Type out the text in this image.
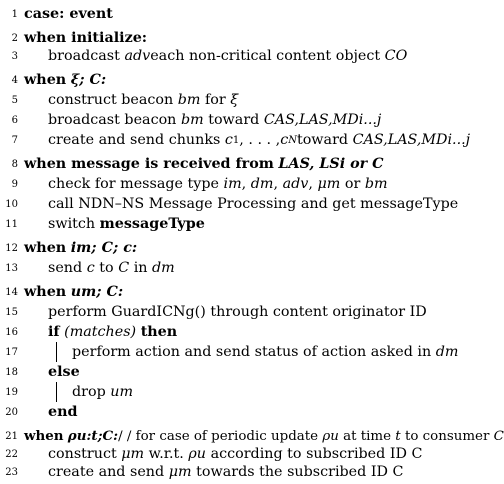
1 case: event
2 when initialize:
3	broadcast
adv each non-critical content object
CO
4 when
ξ; C:
5	construct beacon
bm
for
ξ
6	broadcast beacon
bm
toward
CAS,LAS,MDi...j
7	create and send chunks
c 1 , . . . , c N toward
CAS,LAS,MDi...j
8 when message is received from
LAS, LSi or C
9	check for message type
im ,
dm ,
adv ,
μm
or
bm
10	call NDN–NS Message Processing and get messageType
11	switch
messageType
12 when
im; C; c:
13	send
c
to
C
in
dm
14 when
um; C:
15	perform GuardICNg() through content originator ID
16	if
(matches)
then
17	perform action and send status of action asked in
dm
18	else
19	drop
um
20	end
21 when
ρu:t;C: / / for case of periodic update
ρu
at time
t
to consumer
C
22	construct
μm
w.r.t.
ρu
according to subscribed ID C
23	create and send
μm
towards the subscribed ID C
